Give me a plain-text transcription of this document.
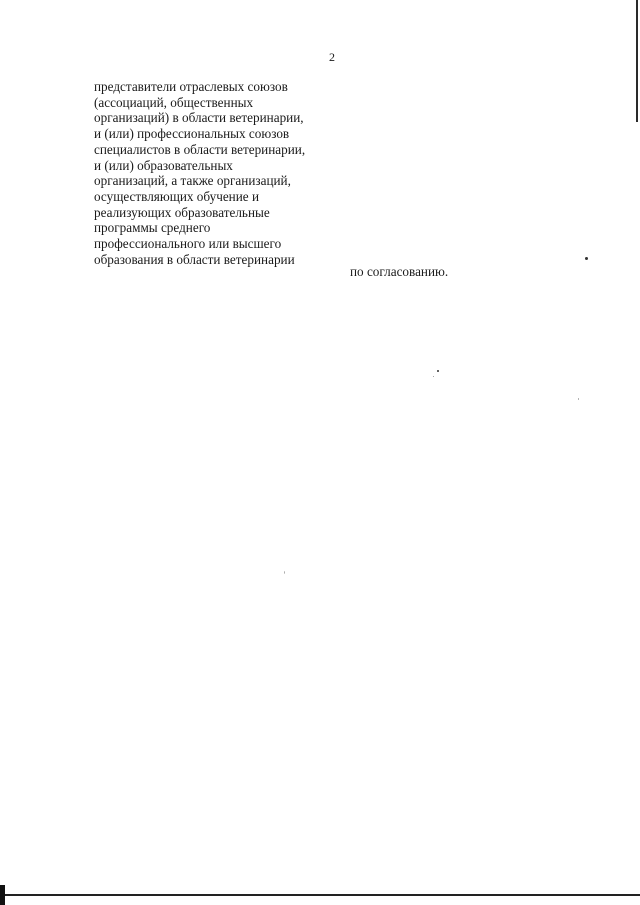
2
представители отраслевых союзов
(ассоциаций, общественных
организаций) в области ветеринарии,
и (или) профессиональных союзов
специалистов в области ветеринарии,
и (или) образовательных
организаций, а также организаций,
осуществляющих обучение и
реализующих образовательные
программы среднего
профессионального или высшего
образования в области ветеринарии
по согласованию.
